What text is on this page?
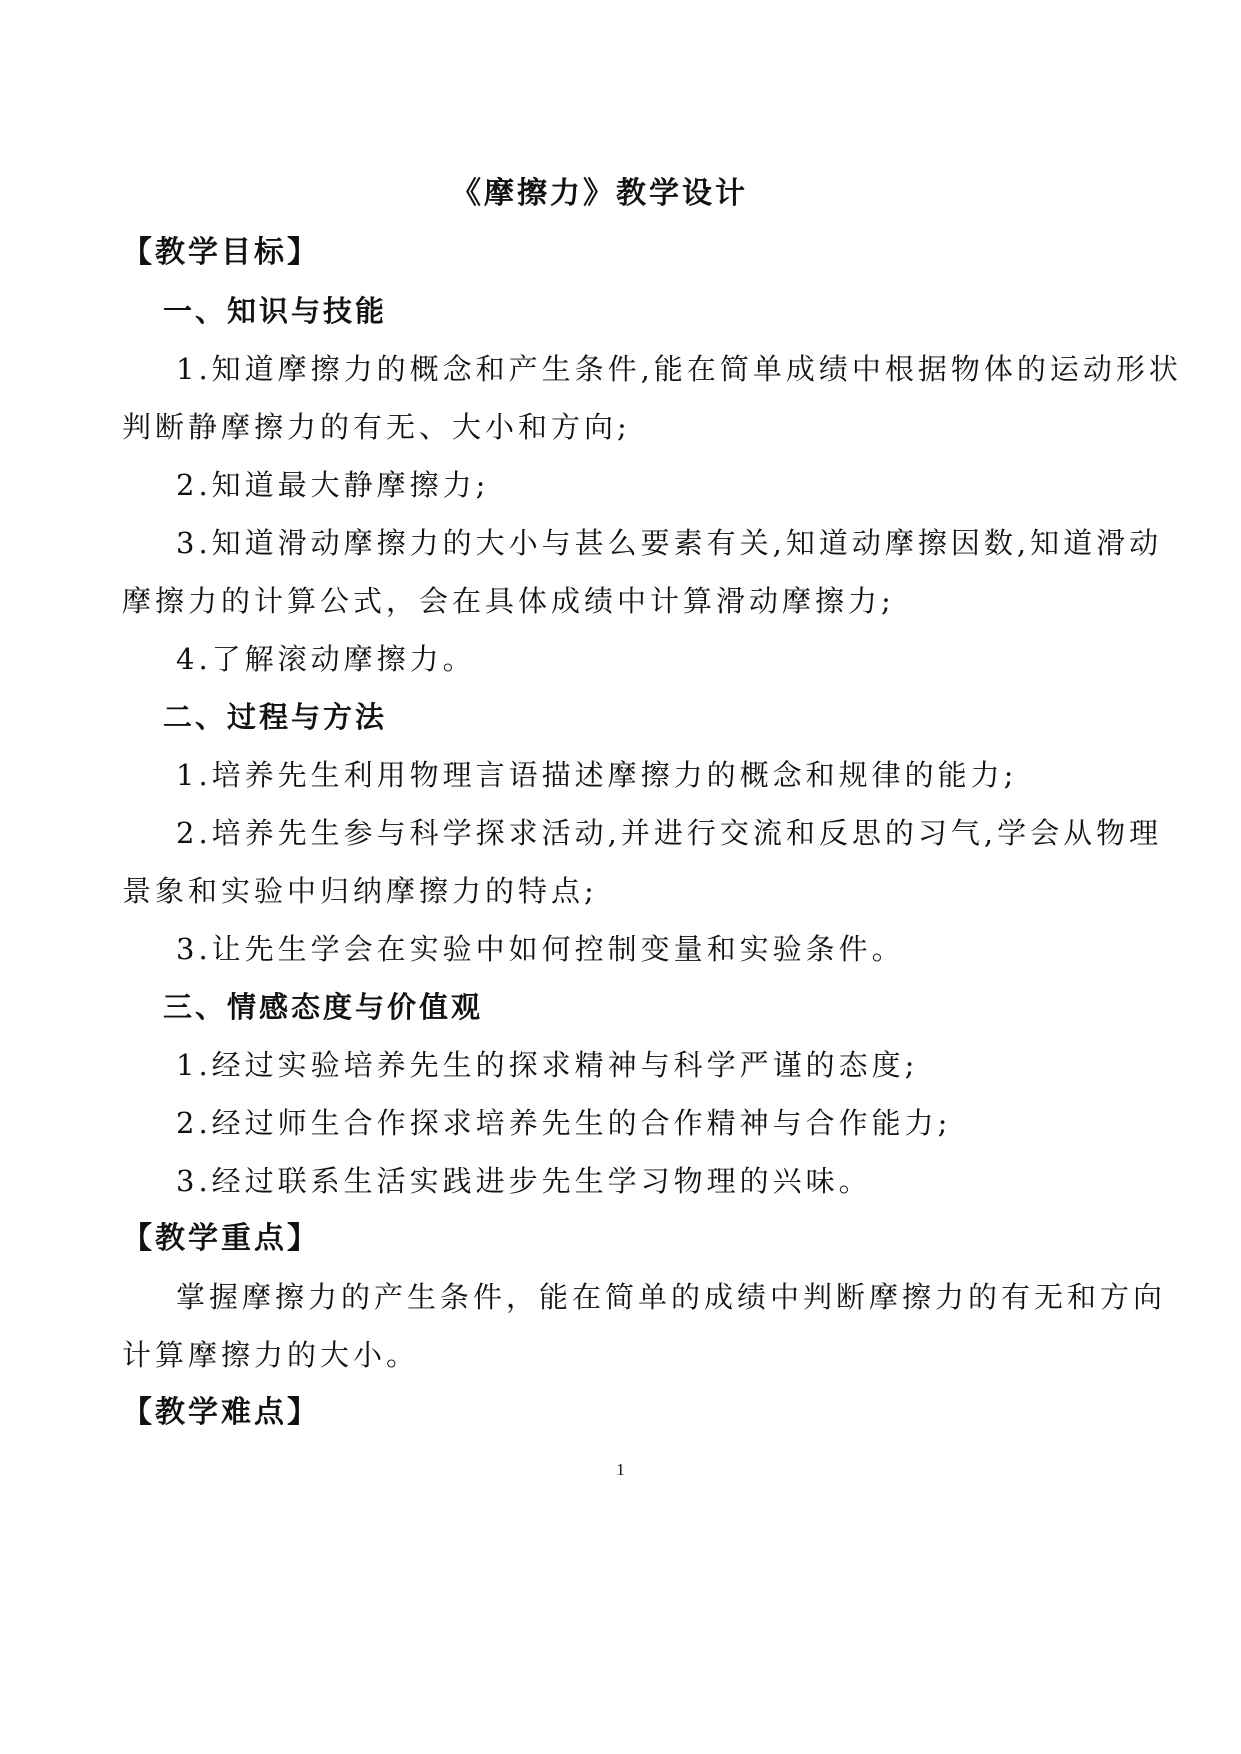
《摩擦力》教学设计
【教学目标】
一、知识与技能
1.知道摩擦力的概念和产生条件,能在简单成绩中根据物体的运动形状
判断静摩擦力的有无、大小和方向;
2.知道最大静摩擦力;
3.知道滑动摩擦力的大小与甚么要素有关,知道动摩擦因数,知道滑动
摩擦力的计算公式，会在具体成绩中计算滑动摩擦力;
4.了解滚动摩擦力。
二、过程与方法
1.培养先生利用物理言语描述摩擦力的概念和规律的能力;
2.培养先生参与科学探求活动,并进行交流和反思的习气,学会从物理
景象和实验中归纳摩擦力的特点;
3.让先生学会在实验中如何控制变量和实验条件。
三、情感态度与价值观
1.经过实验培养先生的探求精神与科学严谨的态度;
2.经过师生合作探求培养先生的合作精神与合作能力;
3.经过联系生活实践进步先生学习物理的兴味。
【教学重点】
掌握摩擦力的产生条件，能在简单的成绩中判断摩擦力的有无和方向
计算摩擦力的大小。
【教学难点】
1
